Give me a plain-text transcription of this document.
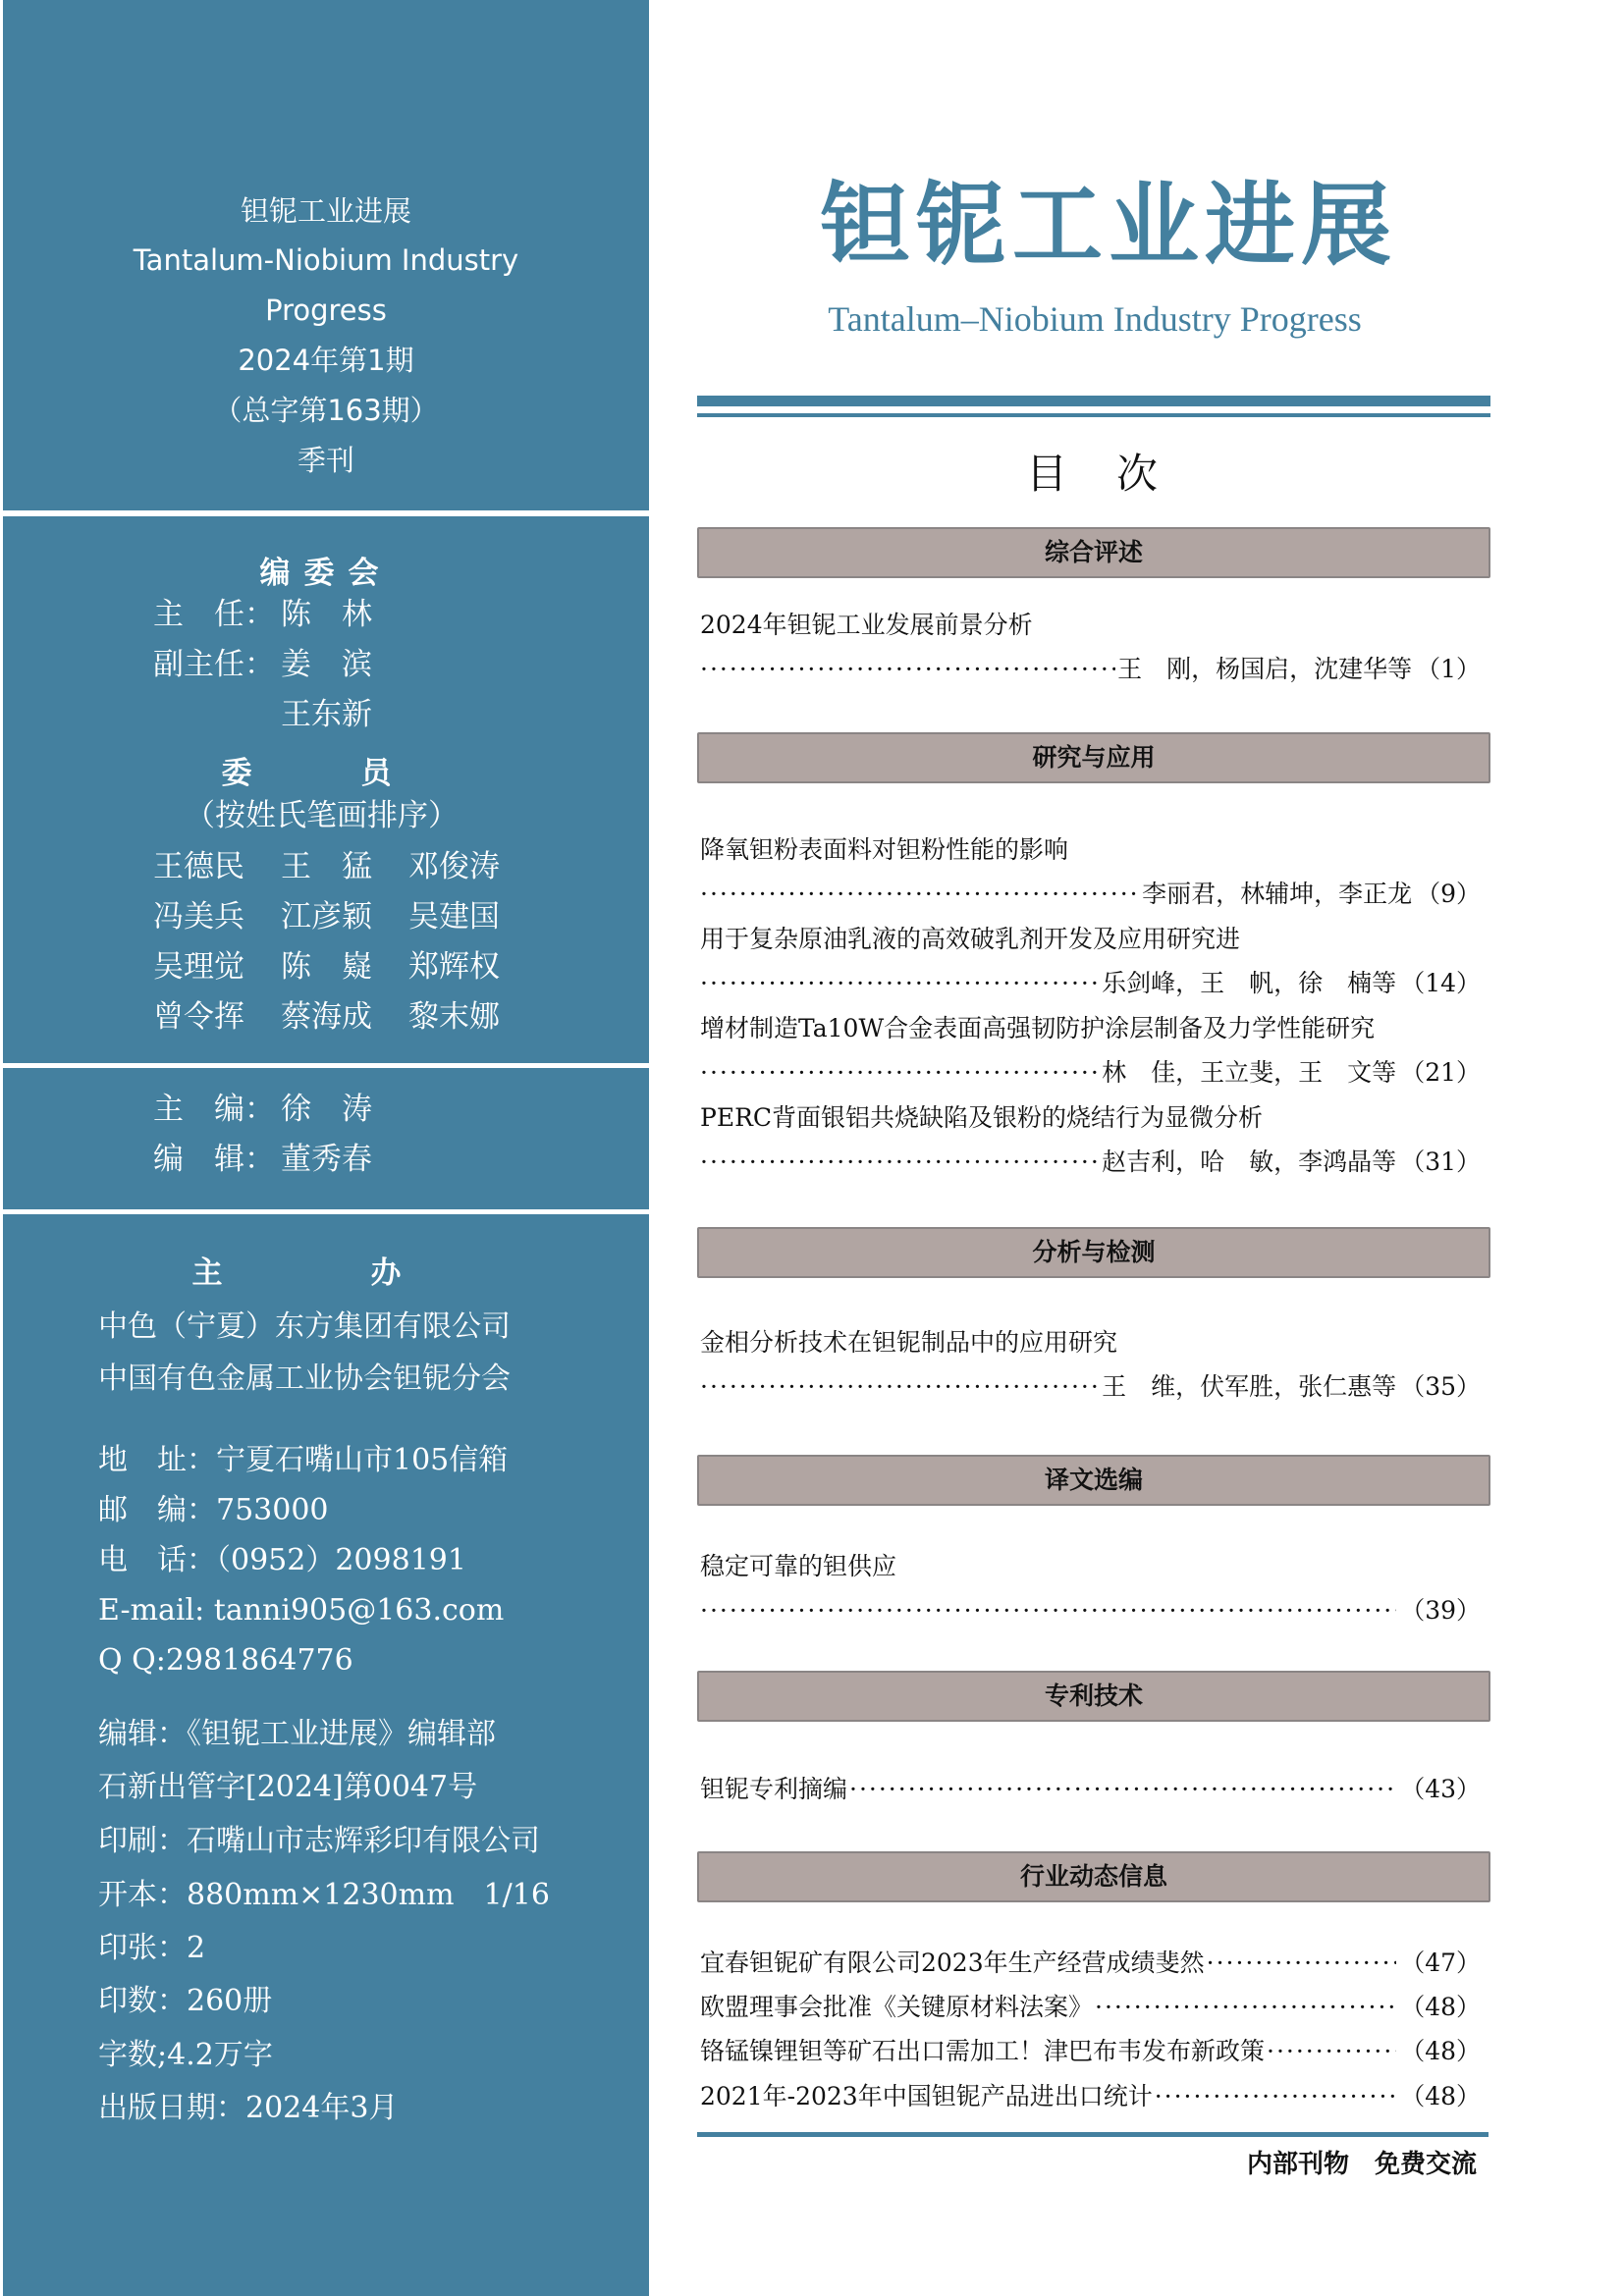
钽铌工业进展
Tantalum-Niobium Industry
Progress
2024年第1期
（总字第163期）
季刊
编委会
主　任： 陈　林
副主任： 姜　滨
王东新
委　员
（按姓氏笔画排序）
王德民 王　猛 邓俊涛
冯美兵 江彦颖 吴建国
吴理觉 陈　嶷 郑辉权
曾令挥 蔡海成 黎末娜
主　编： 徐　涛
编　辑： 董秀春
主　办
中色（宁夏）东方集团有限公司
中国有色金属工业协会钽铌分会
地　址：宁夏石嘴山市105信箱
邮　编：753000
电　话：（0952）2098191
E-mail: tanni905@163.com
Q Q:2981864776
编辑：《钽铌工业进展》编辑部
石新出管字[2024]第0047号
印刷：石嘴山市志辉彩印有限公司
开本：880mm×1230mm　1/16
印张：2
印数：260册
字数;4.2万字
出版日期：2024年3月
钽铌工业进展
Tantalum–Niobium Industry Progress
目次
综合评述
2024年钽铌工业发展前景分析
·····
王　刚，杨国启，沈建华等 （1）
研究与应用
降氧钽粉表面料对钽粉性能的影响
·····
李丽君，林辅坤，李正龙 （9）
用于复杂原油乳液的高效破乳剂开发及应用研究进
·····
乐剑峰，王　帆，徐　楠等 （14）
增材制造Ta10W合金表面高强韧防护涂层制备及力学性能研究
·····
林　佳，王立斐，王　文等 （21）
PERC背面银铝共烧缺陷及银粉的烧结行为显微分析
·····
赵吉利，哈　敏，李鸿晶等 （31）
分析与检测
金相分析技术在钽铌制品中的应用研究
·····
王　维，伏军胜，张仁惠等 （35）
译文选编
稳定可靠的钽供应
·····
（39）
专利技术
钽铌专利摘编 ·····	（43）
行业动态信息
宜春钽铌矿有限公司2023年生产经营成绩斐然 ·····	（47）
欧盟理事会批准《关键原材料法案》 ·····	（48）
铬锰镍锂钽等矿石出口需加工！津巴布韦发布新政策 ·····	（48）
2021年-2023年中国钽铌产品进出口统计 ·····	（48）
内部刊物　免费交流
